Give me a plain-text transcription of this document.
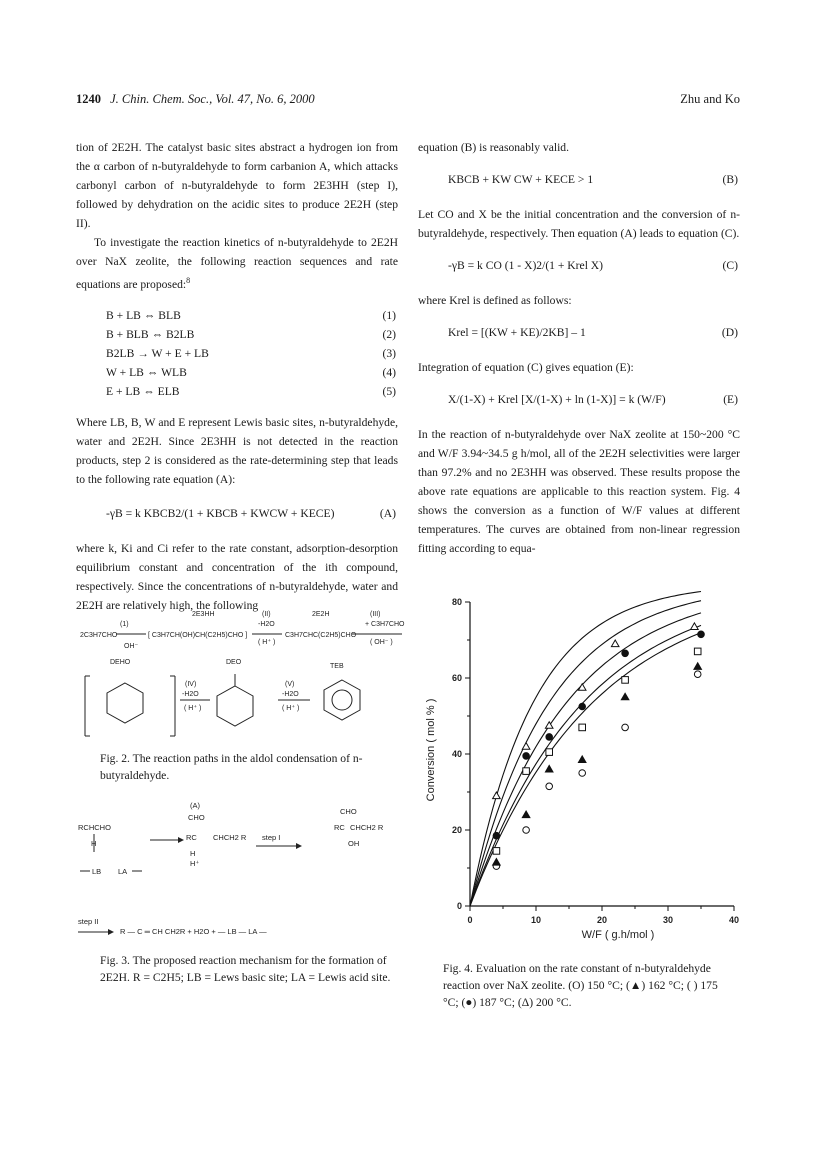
1240 J. Chin. Chem. Soc., Vol. 47, No. 6, 2000	Zhu and Ko

tion of 2E2H. The catalyst basic sites abstract a hydrogen ion from the α carbon of n-butyraldehyde to form carbanion A, which attacks carbonyl carbon of n-butyraldehyde to form 2E3HH (step I), followed by dehydration on the acidic sites to produce 2E2H (step II).

To investigate the reaction kinetics of n-butyraldehyde to 2E2H over NaX zeolite, the following reaction sequences and rate equations are proposed:$^8$

B + LB ⇔ BLB	(1)
B + BLB ⇔ B2LB	(2)
B2LB → W + E + LB	(3)
W + LB ⇔ WLB	(4)
E + LB ⇔ ELB	(5)

Where LB, B, W and E represent Lewis basic sites, n-butyraldehyde, water and 2E2H. Since 2E3HH is not detected in the reaction products, step 2 is considered as the rate-determining step that leads to the following rate equation (A):

-γB = k KBCB2/(1 + KBCB + KWCW + KECE)	(A)

where k, Ki and Ci refer to the rate constant, adsorption-desorption equilibrium constant and concentration of the ith compound, respectively. Since the concentrations of n-butyraldehyde, water and 2E2H are relatively high, the following

equation (B) is reasonably valid.

KBCB + KW CW + KECE > 1	(B)

Let CO and X be the initial concentration and the conversion of n-butyraldehyde, respectively. Then equation (A) leads to equation (C).

-γB = k CO (1 - X)2/(1 + Krel X)	(C)

where Krel is defined as follows:

Krel = [(KW + KE)/2KB] – 1	(D)

Integration of equation (C) gives equation (E):

X/(1-X) + Krel [X/(1-X) + ln (1-X)] = k (W/F)	(E)

In the reaction of n-butyraldehyde over NaX zeolite at 150~200 °C and W/F 3.94~34.5 g h/mol, all of the 2E2H selectivities were larger than 97.2% and no 2E3HH was observed. These results propose the above rate equations are applicable to this reaction system. Fig. 4 shows the conversion as a function of W/F values at different temperatures. The curves are obtained from non-linear regression fitting according to equa-

2E3HH	(II)	2E2H	(III)
(1)
2C3H7CHO
OH⁻
[ C3H7CH(OH)CH(C2H5)CHO ]
-H2O
( H⁺ )
C3H7CHC(C2H5)CHO
+ C3H7CHO
( OH⁻ )
DEHO	DEO
TEB
(IV)
-H2O
( H⁺ )
(V)
-H2O
( H⁺ )
Fig. 2. The reaction paths in the aldol condensation of n-butyraldehyde.
RCHCHO
H
LB LA
(A)
CHO
RC CHCH2 R
H
H⁺
step I
CHO
RC CHCH2 R
OH
step II
R — C ═ CH CH2R + H2O + — LB — LA —
Fig. 3. The proposed reaction mechanism for the formation of 2E2H. R = C2H5; LB = Lews basic site; LA = Lewis acid site.
0	10	20	30	40
0
20
40
60
80
W/F ( g.h/mol )
Conversion ( mol % )
Fig. 4. Evaluation on the rate constant of n-butyraldehyde reaction over NaX zeolite. (O) 150 °C; (▲) 162 °C; ( ) 175 °C; (●) 187 °C; (Δ) 200 °C.
